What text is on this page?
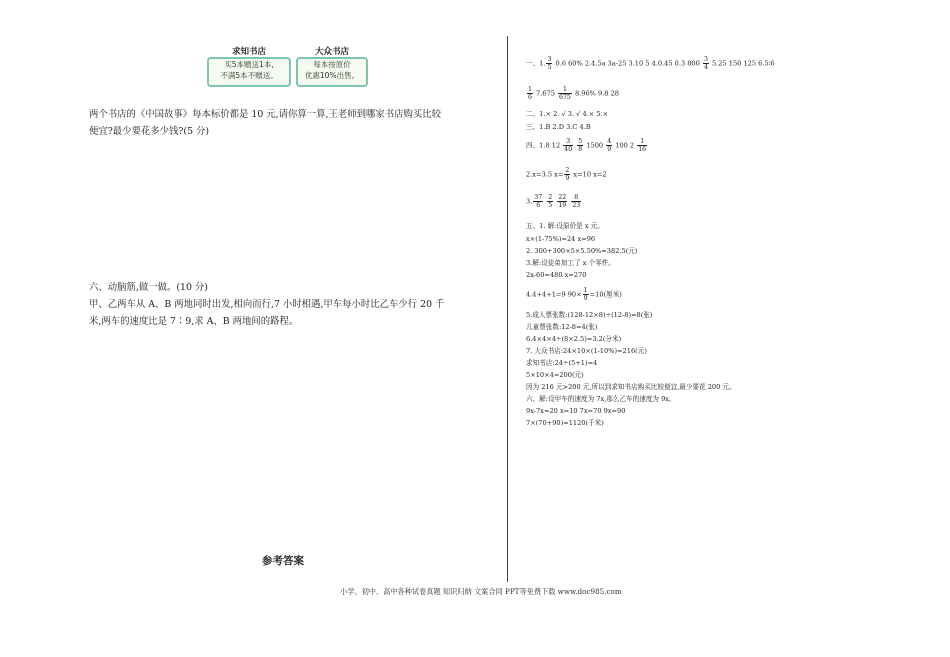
求知书店	大众书店
买5本赠送1本,
不满5本不赠送。
每本按原价
优惠10%出售。
两个书店的《中国故事》每本标价都是 10 元,请你算一算,王老师到哪家书店购买比较
便宜?最少要花多少钱?(5 分)
六、动脑筋,做一做。(10 分)
甲、乙两车从 A、B 两地同时出发,相向而行,7 小时相遇,甲车每小时比乙车少行 20 千
米,两车的速度比是 7∶9,求 A、B 两地间的路程。
参考答案
一、1. $\frac{3}{5} 0.6$ 60% 2.4.5a 3a-25 3.10 5 4.0.45 0.3 $800 \frac{3}{4} 5.25$ 150 125 6.5∶6
$\frac{1}{6} 7.675 \frac{1}{675} 8.96\%$ 9.8 28
二、1.× 2. √ 3. √ 4.× 5.×
三、1.B 2.D 3.C 4.B
四、1.8 $12 \frac{3}{40}$
$\frac{5}{8} 1500 \frac{4}{9} 100$ $2 \frac{1}{16}$
2.x=3.5 $x= \frac{2}{9} x=10$ x=2
3. $\frac{37}{6}$
$\frac{2}{5}$
$\frac{22}{19}$
$\frac{8}{23}$
五、1. 解:设原价是 x 元。
x×(1-75%)=24 x=96
2. 300+300×5×5.50%=382.5(元)
3.解:设徒弟加工了 x 个零件。
2x-60=480 x=270
4.4+4+1=9 $90\times \frac{1}{9} =10$(厘米)
5.成人票张数:(128-12×8)÷(12-8)=8(张)
儿童票张数:12-8=4(张)
6.4×4×4÷(8×2.5)=3.2(分米)
7. 大众书店:24×10×(1-10%)=216(元)
求知书店:24÷(5+1)=4
5×10×4=200(元)
因为 216 元>200 元,所以到求知书店购买比较便宜,最少要花 200 元。
六、解:设甲车的速度为 7x,那么乙车的速度为 9x。
9x-7x=20 x=10 7x=70 9x=90
7×(70+90)=1120(千米)
小学、初中、高中各种试卷真题 知识归纳 文案合同 PPT等免费下载 www.doc985.com
